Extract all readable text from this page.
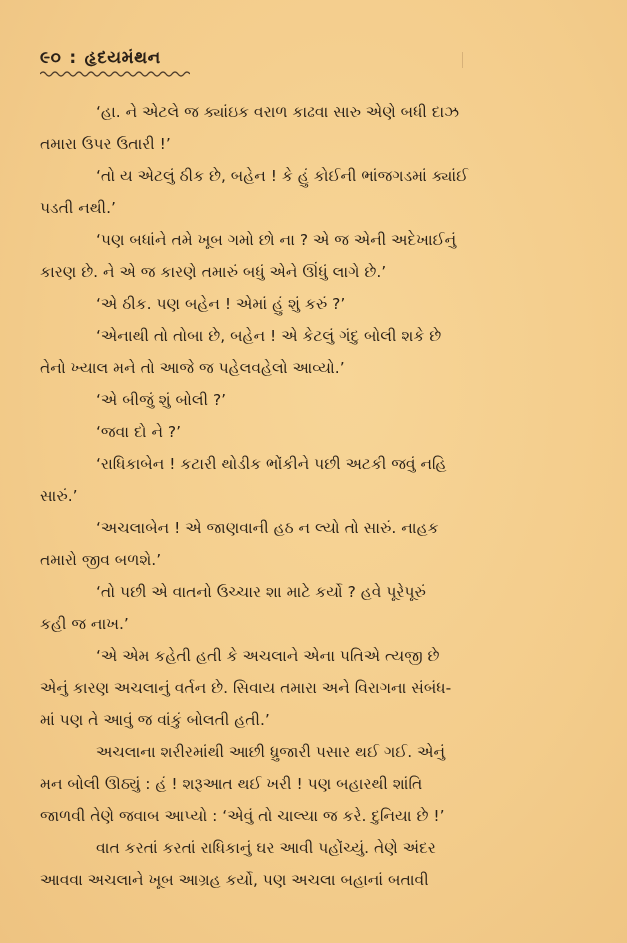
૯૦ : હૃદયમંથન
‘હા. ને એટલે જ ક્યાંઇક વરાળ કાઢવા સારુ એણે બધી દાઝ
તમારા ઉપર ઉતારી !’
‘તો ય એટલું ઠીક છે, બહેન ! કે હું કોઈની ભાંજગડમાં ક્યાંઈ
પડતી નથી.’
‘પણ બધાંને તમે ખૂબ ગમો છો ના ? એ જ એની અદેખાઈનું
કારણ છે. ને એ જ કારણે તમારું બધું એને ઊંધું લાગે છે.’
‘એ ઠીક. પણ બહેન ! એમાં હું શું કરું ?’
‘એનાથી તો તોબા છે, બહેન ! એ કેટલું ગંદુ બોલી શકે છે
તેનો ખ્યાલ મને તો આજે જ પહેલવહેલો આવ્યો.’
‘એ બીજું શું બોલી ?’
‘જવા દો ને ?’
‘રાધિકાબેન ! કટારી થોડીક ભોંકીને પછી અટકી જવું નહિ
સારું.’
‘અચલાબેન ! એ જાણવાની હઠ ન લ્યો તો સારું. નાહક
તમારો જીવ બળશે.’
‘તો પછી એ વાતનો ઉચ્ચાર શા માટે કર્યો ? હવે પૂરેપૂરું
કહી જ નાખ.’
‘એ એમ કહેતી હતી કે અચલાને એના પતિએ ત્યજી છે
એનું કારણ અચલાનું વર્તન છે. સિવાય તમારા અને વિરાગના સંબંધ-
માં પણ તે આવું જ વાંકું બોલતી હતી.’
અચલાના શરીરમાંથી આછી ધ્રુજારી પસાર થઈ ગઈ. એનું
મન બોલી ઊઠ્યું : હં ! શરૂઆત થઈ ખરી ! પણ બહારથી શાંતિ
જાળવી તેણે જવાબ આપ્યો : ‘એવું તો ચાલ્યા જ કરે. દુનિયા છે !’
વાત કરતાં કરતાં રાધિકાનું ઘર આવી પહોંચ્યું. તેણે અંદર
આવવા અચલાને ખૂબ આગ્રહ કર્યો, પણ અચલા બહાનાં બતાવી
